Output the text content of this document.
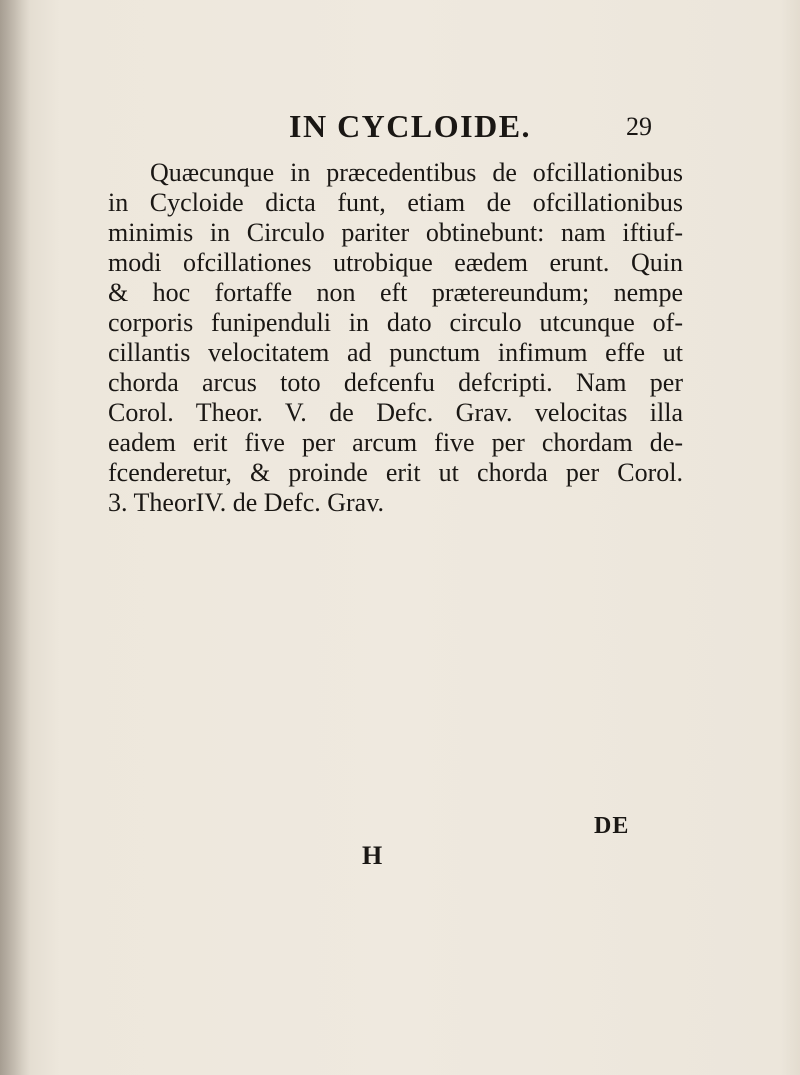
IN CYCLOIDE.	29
Quæcunque in præcedentibus de ofcillationibus
in Cycloide dicta funt, etiam de ofcillationibus
minimis in Circulo pariter obtinebunt: nam iftiuf-
modi ofcillationes utrobique eædem erunt. Quin
& hoc fortaffe non eft prætereundum; nempe
corporis funipenduli in dato circulo utcunque of-
cillantis velocitatem ad punctum infimum effe ut
chorda arcus toto defcenfu defcripti. Nam per
Corol. Theor. V. de Defc. Grav. velocitas illa
eadem erit five per arcum five per chordam de-
fcenderetur, & proinde erit ut chorda per Corol.
3. TheorIV. de Defc. Grav.
DE
H
